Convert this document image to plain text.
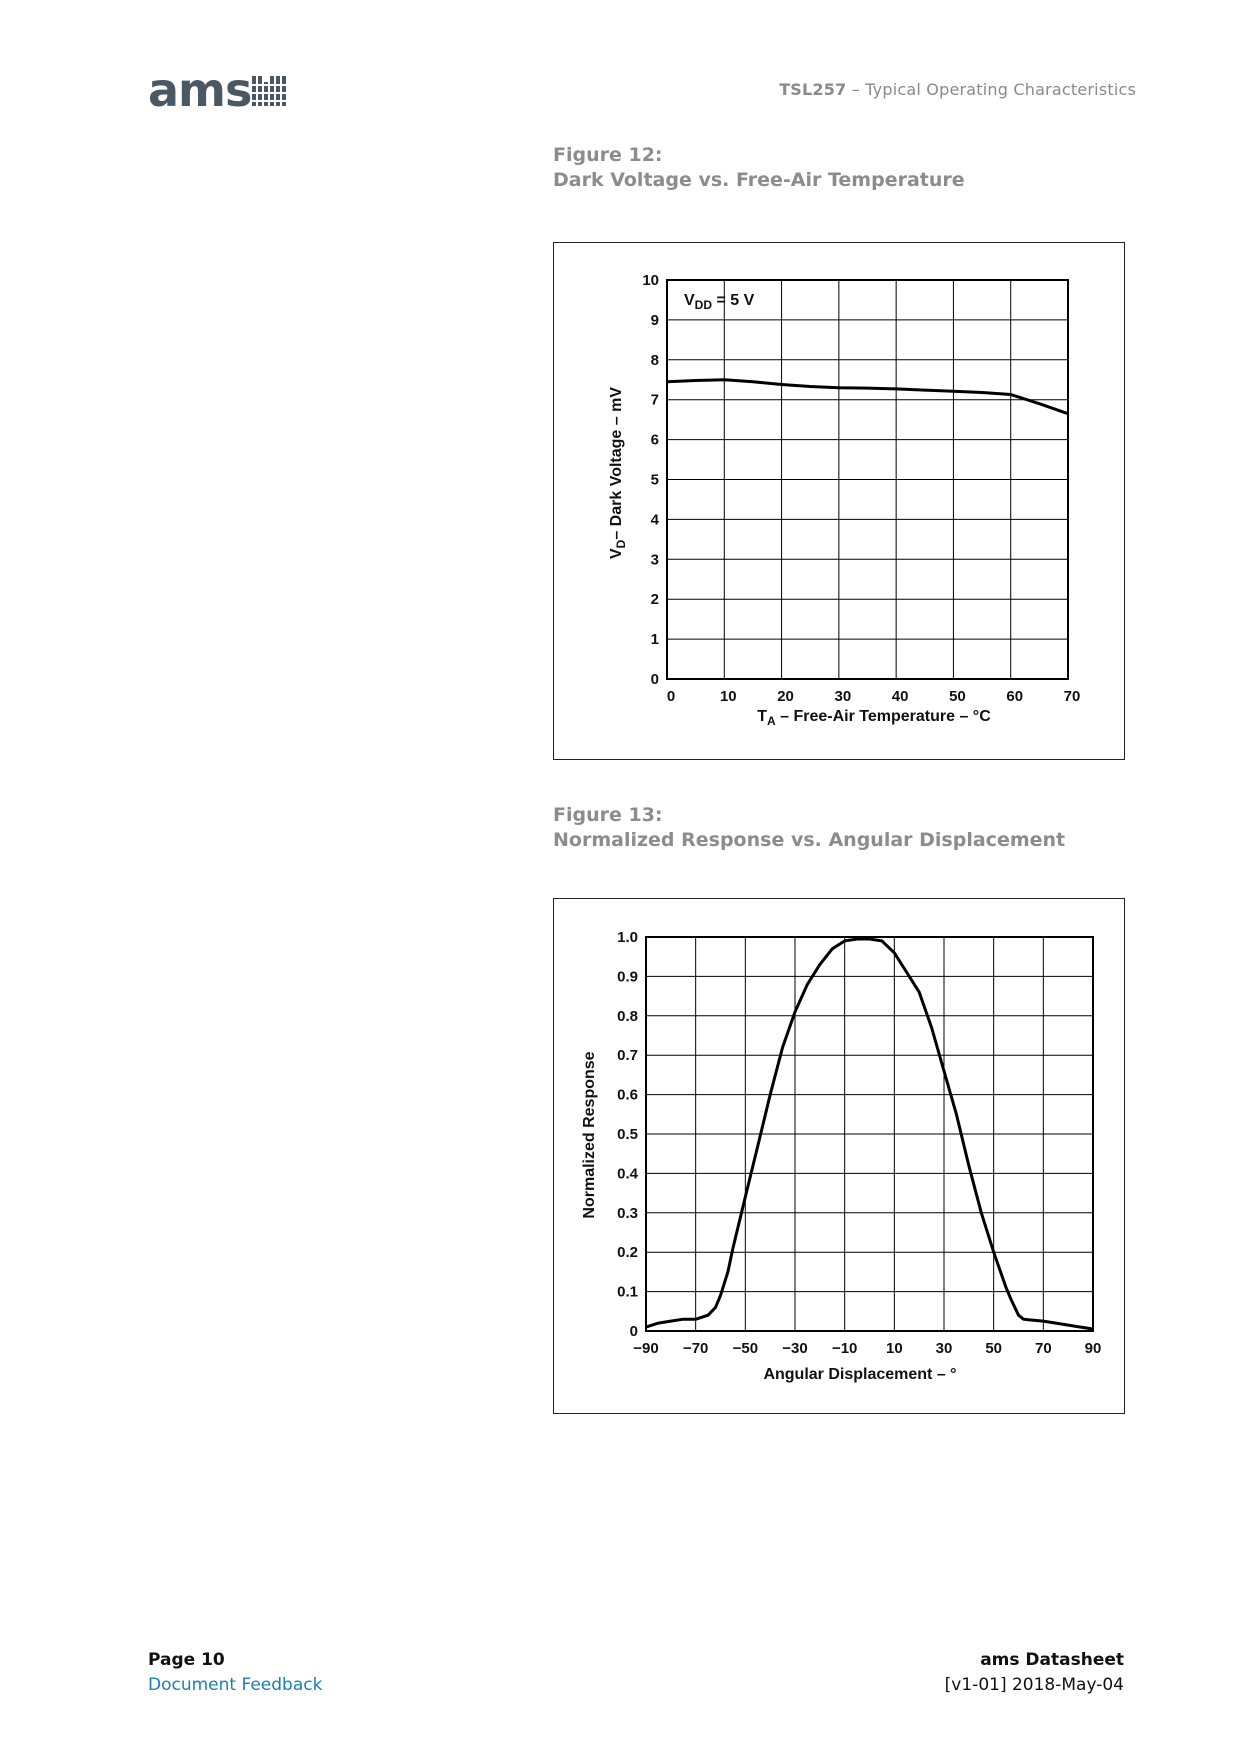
ams	TSL257 – Typical Operating Characteristics
Figure 12:
Dark Voltage vs. Free-Air Temperature
0
1
2
3
4
5
6
7
8
9
10
0	10	20	30	40	50	60	70
$V_{DD} = 5$ V
$T_A$ – Free-Air Temperature – °C
$V_D-$ Dark Voltage – mV
Figure 13:
Normalized Response vs. Angular Displacement
0
0.1
0.2
0.3
0.4
0.5
0.6
0.7
0.8
0.9
1.0
−90 −70 −50 −30 −10 10 30 50 70 90
Angular Displacement – °
Normalized Response
Page 10
Document Feedback
ams Datasheet
[v1-01] 2018-May-04
